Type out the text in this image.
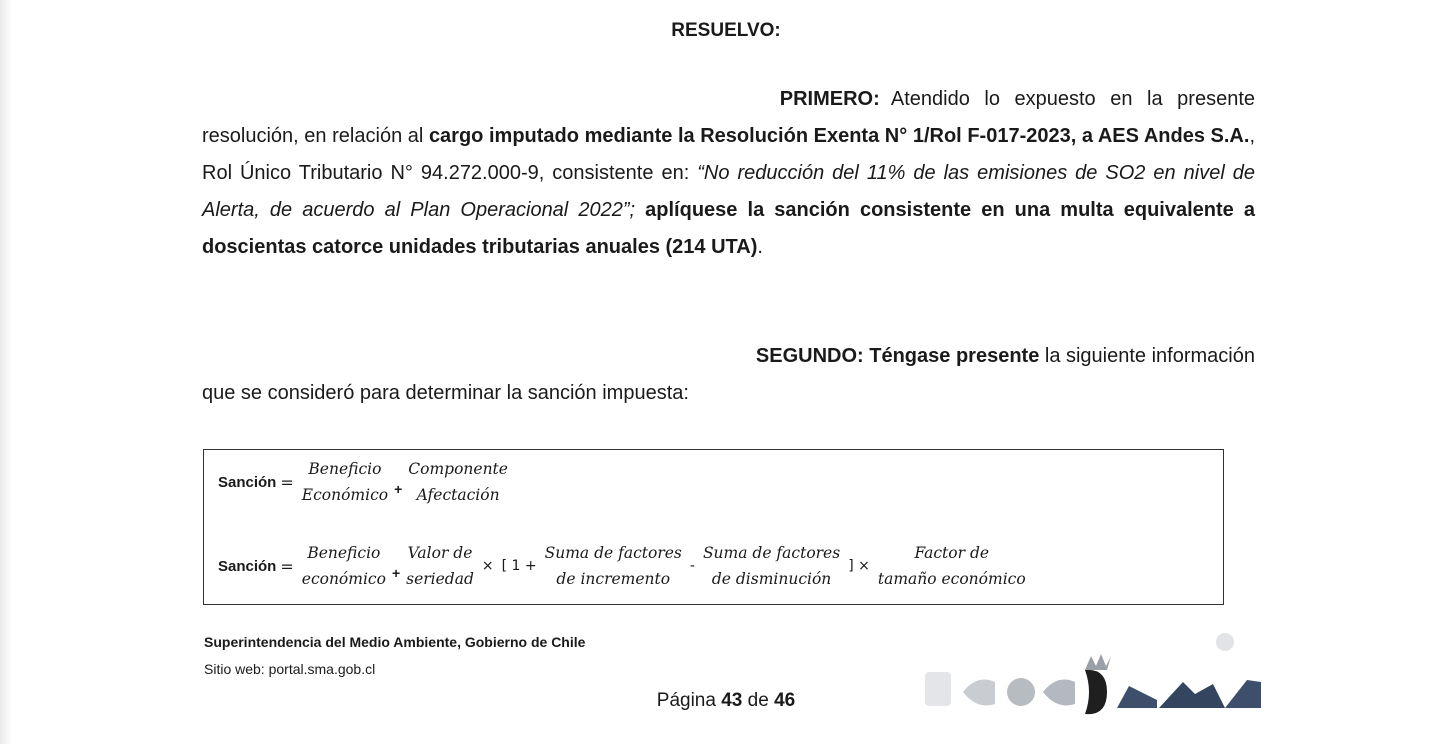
RESUELVO:
PRIMERO: Atendido lo expuesto en la presente
resolución, en relación al cargo imputado mediante la Resolución Exenta N° 1/Rol F-017-2023, a AES Andes S.A., Rol Único Tributario N° 94.272.000-9, consistente en: “No reducción del 11% de las emisiones de SO2 en nivel de Alerta, de acuerdo al Plan Operacional 2022”; aplíquese la sanción consistente en una multa equivalente a doscientas catorce unidades tributarias anuales (214 UTA).
SEGUNDO: Téngase presente la siguiente información
que se consideró para determinar la sanción impuesta:
Sanción =
Beneficio
Económico +
Componente
Afectación
Sanción =
Beneficio
económico +
Valor de
seriedad
× [ 1 +
Suma de factores
de incremento
-
Suma de factores
de disminución
] ×
Factor de
tamaño económico
Superintendencia del Medio Ambiente, Gobierno de Chile
Sitio web: portal.sma.gob.cl
Página 43 de 46
